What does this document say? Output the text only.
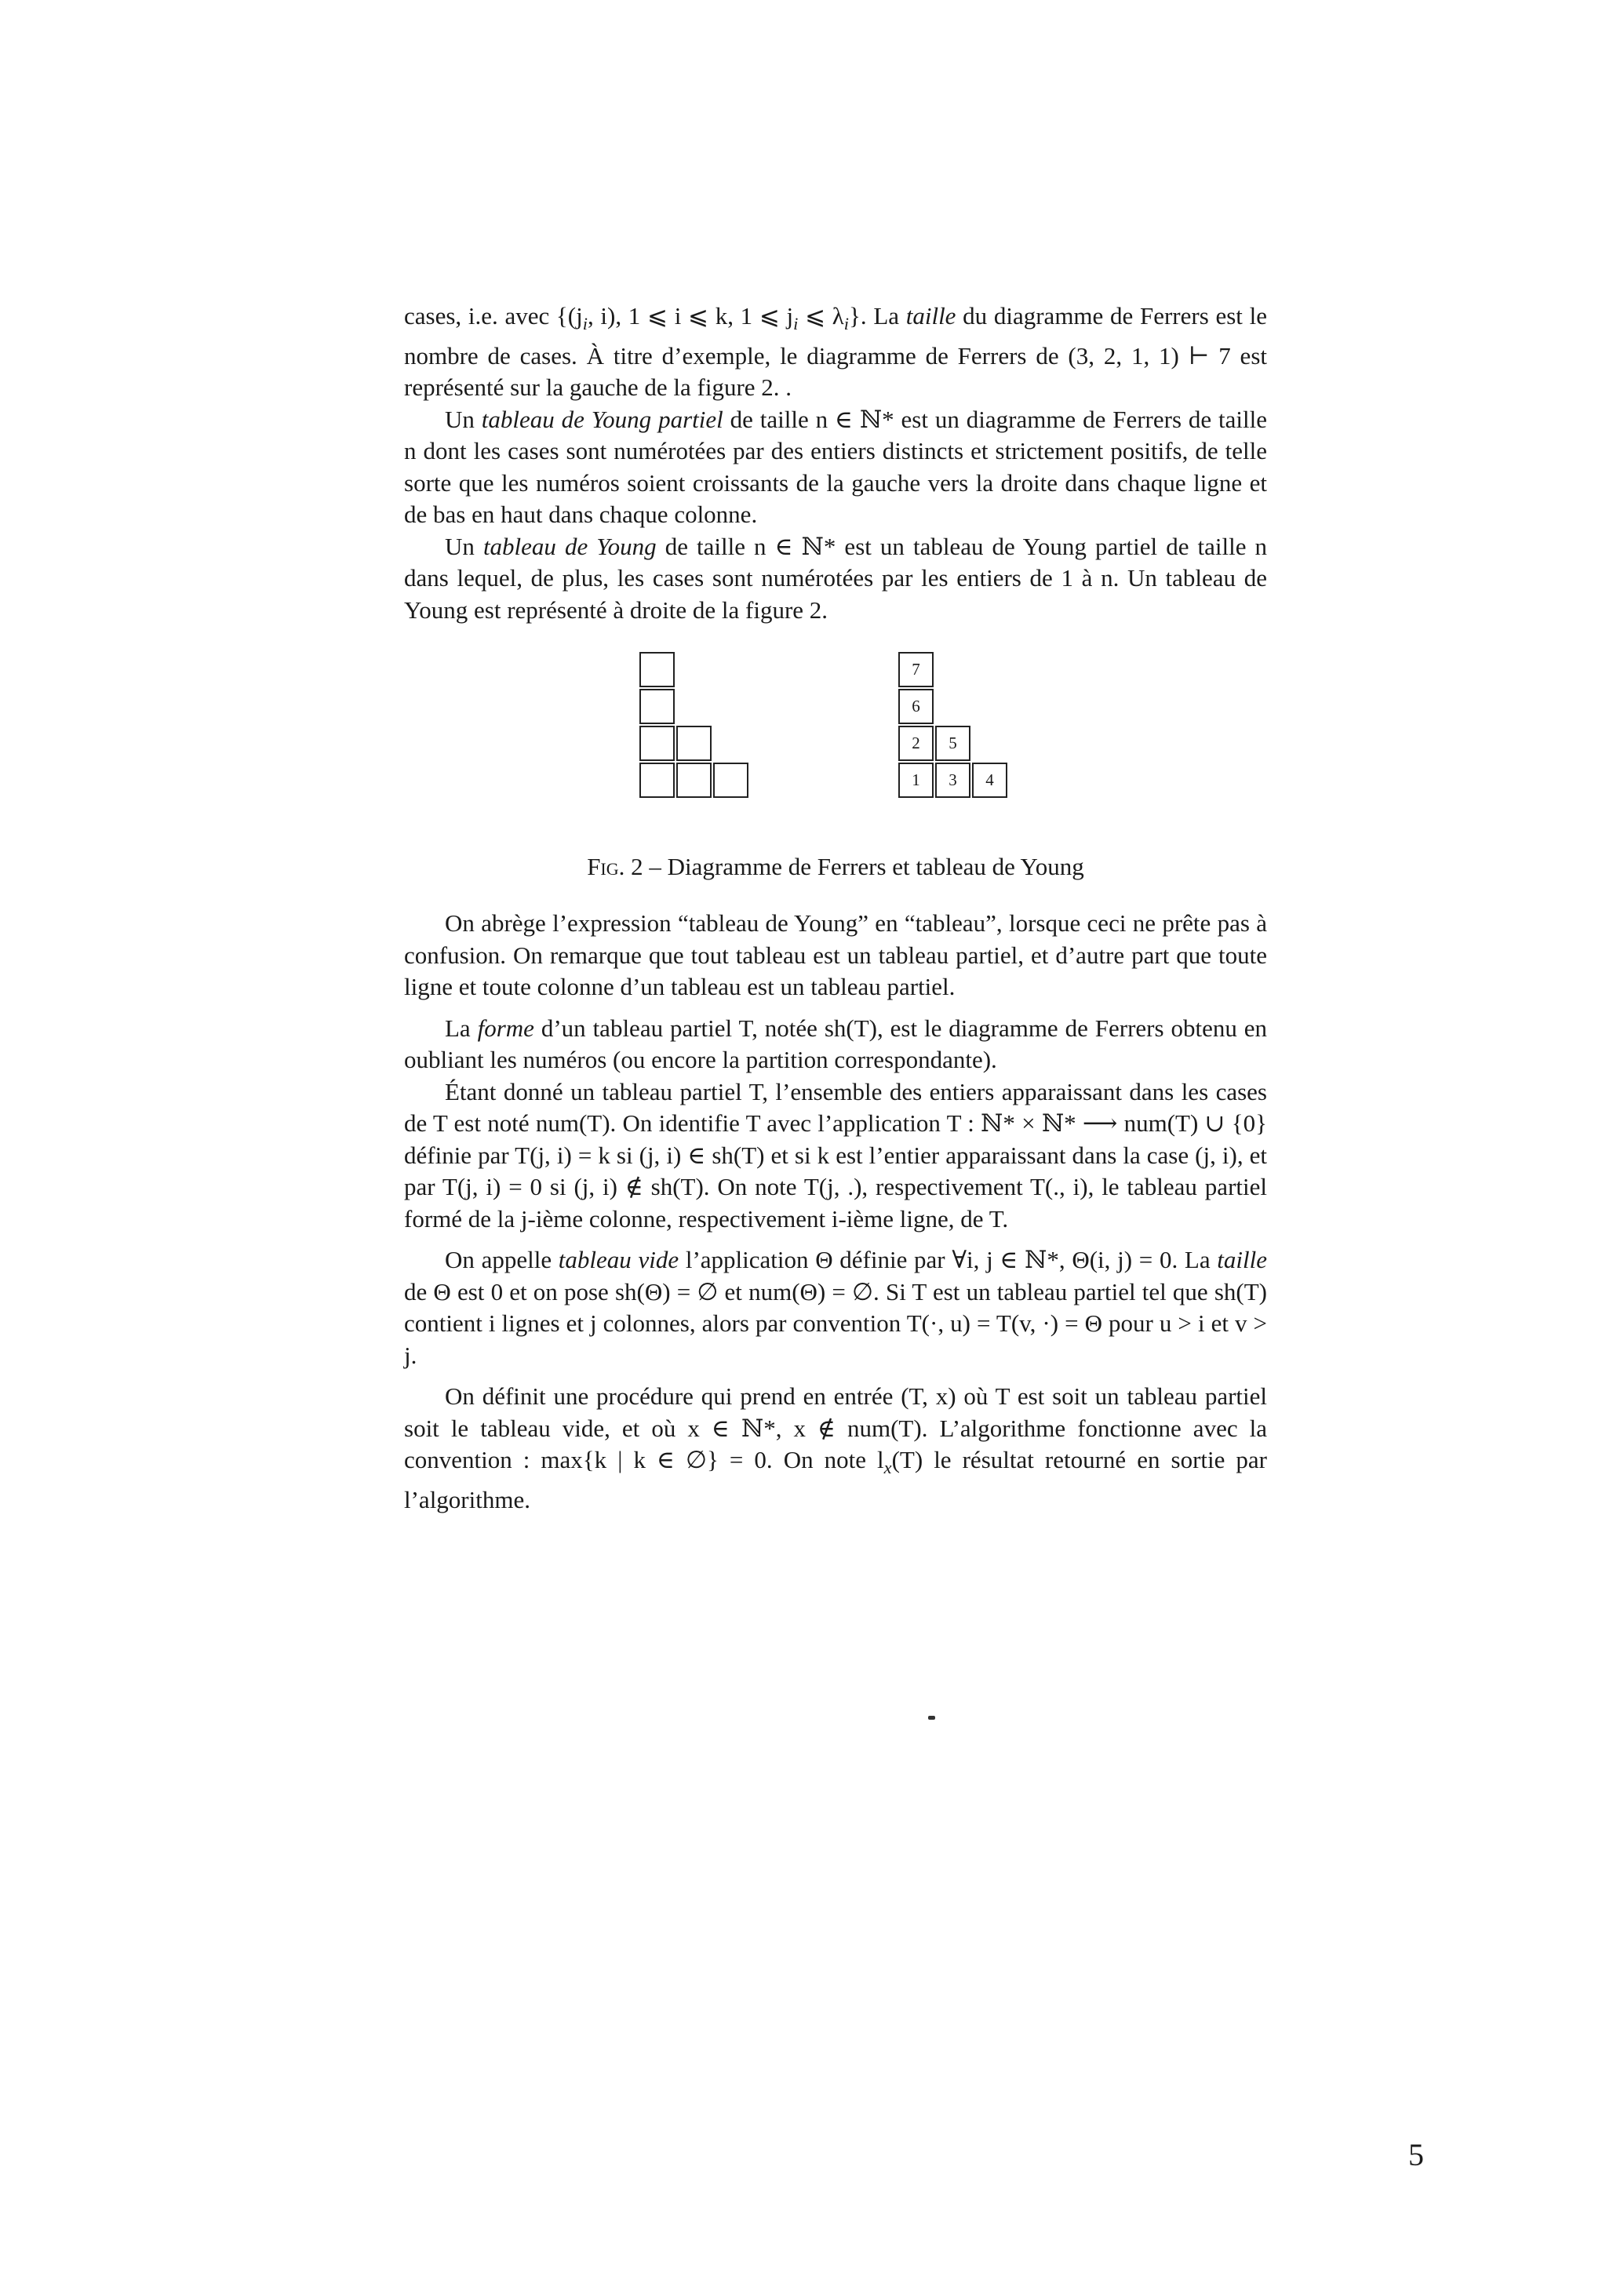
cases, i.e. avec {($j_i$, i), 1 ⩽ i ⩽ k, 1 ⩽ $j_i$ ⩽ $\lambda_i$}. La taille du diagramme de Ferrers est le nombre de cases. À titre d’exemple, le diagramme de Ferrers de (3, 2, 1, 1) ⊢ 7 est représenté sur la gauche de la figure 2. .

Un tableau de Young partiel de taille n ∈ ℕ* est un diagramme de Ferrers de taille n dont les cases sont numérotées par des entiers distincts et strictement positifs, de telle sorte que les numéros soient croissants de la gauche vers la droite dans chaque ligne et de bas en haut dans chaque colonne.

Un tableau de Young de taille n ∈ ℕ* est un tableau de Young partiel de taille n dans lequel, de plus, les cases sont numérotées par les entiers de 1 à n. Un tableau de Young est représenté à droite de la figure 2.

1	3	4
2	5
6
7
Fig. 2 – Diagramme de Ferrers et tableau de Young

On abrège l’expression “tableau de Young” en “tableau”, lorsque ceci ne prête pas à confusion. On remarque que tout tableau est un tableau partiel, et d’autre part que toute ligne et toute colonne d’un tableau est un tableau partiel.

La forme d’un tableau partiel T, notée sh(T), est le diagramme de Ferrers obtenu en oubliant les numéros (ou encore la partition correspondante).

Étant donné un tableau partiel T, l’ensemble des entiers apparaissant dans les cases de T est noté num(T). On identifie T avec l’application T : ℕ* × ℕ* ⟶ num(T) ∪ {0} définie par T(j, i) = k si (j, i) ∈ sh(T) et si k est l’entier apparaissant dans la case (j, i), et par T(j, i) = 0 si (j, i) ∉ sh(T). On note T(j, .), respectivement T(., i), le tableau partiel formé de la j-ième colonne, respectivement i-ième ligne, de T.

On appelle tableau vide l’application Θ définie par ∀i, j ∈ ℕ*, Θ(i, j) = 0. La taille de Θ est 0 et on pose sh(Θ) = ∅ et num(Θ) = ∅. Si T est un tableau partiel tel que sh(T) contient i lignes et j colonnes, alors par convention T(·, u) = T(v, ·) = Θ pour u > i et v > j.

On définit une procédure qui prend en entrée (T, x) où T est soit un tableau partiel soit le tableau vide, et où x ∈ ℕ*, x ∉ num(T). L’algorithme fonctionne avec la convention : max{k | k ∈ ∅} = 0. On note $l_x(T)$ le résultat retourné en sortie par l’algorithme.

5
